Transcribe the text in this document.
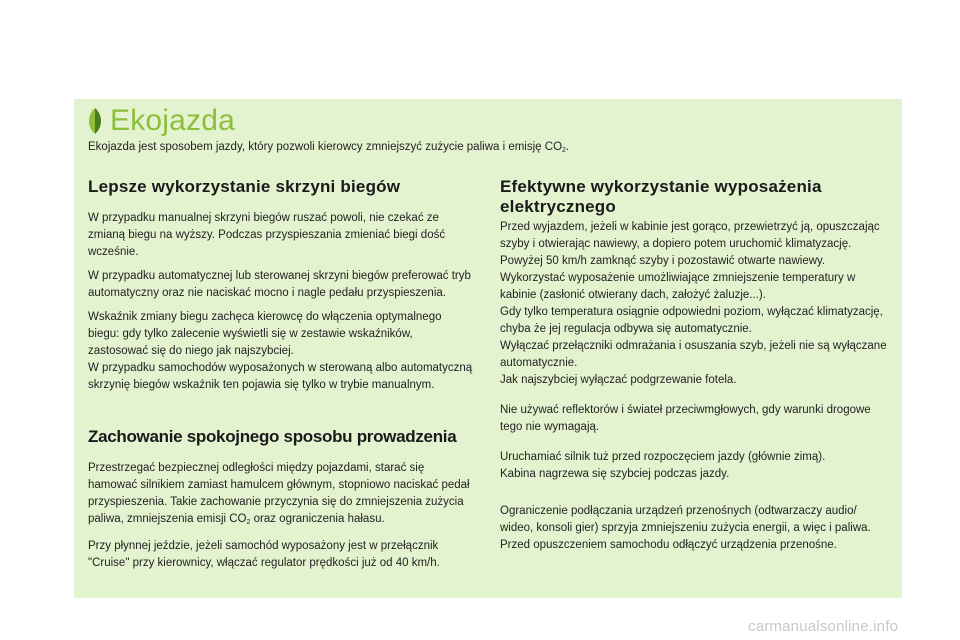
Ekojazda
Ekojazda jest sposobem jazdy, który pozwoli kierowcy zmniejszyć zużycie paliwa i emisję $CO_2$.
Lepsze wykorzystanie skrzyni biegów

W przypadku manualnej skrzyni biegów ruszać powoli, nie czekać ze zmianą biegu na wyższy. Podczas przyspieszania zmieniać biegi dość wcześnie.

W przypadku automatycznej lub sterowanej skrzyni biegów preferować tryb automatyczny oraz nie naciskać mocno i nagle pedału przyspieszenia.

Wskaźnik zmiany biegu zachęca kierowcę do włączenia optymalnego biegu: gdy tylko zalecenie wyświetli się w zestawie wskaźników, zastosować się do niego jak najszybciej.

W przypadku samochodów wyposażonych w sterowaną albo automatyczną skrzynię biegów wskaźnik ten pojawia się tylko w trybie manualnym.

Zachowanie spokojnego sposobu prowadzenia

Przestrzegać bezpiecznej odległości między pojazdami, starać się hamować silnikiem zamiast hamulcem głównym, stopniowo naciskać pedał przyspieszenia. Takie zachowanie przyczynia się do zmniejszenia zużycia paliwa, zmniejszenia emisji $CO_2$ oraz ograniczenia hałasu.

Przy płynnej jeździe, jeżeli samochód wyposażony jest w przełącznik "Cruise" przy kierownicy, włączać regulator prędkości już od 40 km/h.

Efektywne wykorzystanie wyposażenia elektrycznego
Przed wyjazdem, jeżeli w kabinie jest gorąco, przewietrzyć ją, opuszczając szyby i otwierając nawiewy, a dopiero potem uruchomić klimatyzację.
Powyżej 50 km/h zamknąć szyby i pozostawić otwarte nawiewy.
Wykorzystać wyposażenie umożliwiające zmniejszenie temperatury w kabinie (zasłonić otwierany dach, założyć żaluzje...).
Gdy tylko temperatura osiągnie odpowiedni poziom, wyłączać klimatyzację, chyba że jej regulacja odbywa się automatycznie.
Wyłączać przełączniki odmrażania i osuszania szyb, jeżeli nie są wyłączane automatycznie.
Jak najszybciej wyłączać podgrzewanie fotela.
Nie używać reflektorów i świateł przeciwmgłowych, gdy warunki drogowe tego nie wymagają.
Uruchamiać silnik tuż przed rozpoczęciem jazdy (głównie zimą).
Kabina nagrzewa się szybciej podczas jazdy.
Ograniczenie podłączania urządzeń przenośnych (odtwarzaczy audio/ wideo, konsoli gier) sprzyja zmniejszeniu zużycia energii, a więc i paliwa.
Przed opuszczeniem samochodu odłączyć urządzenia przenośne.
carmanualsonline.info
